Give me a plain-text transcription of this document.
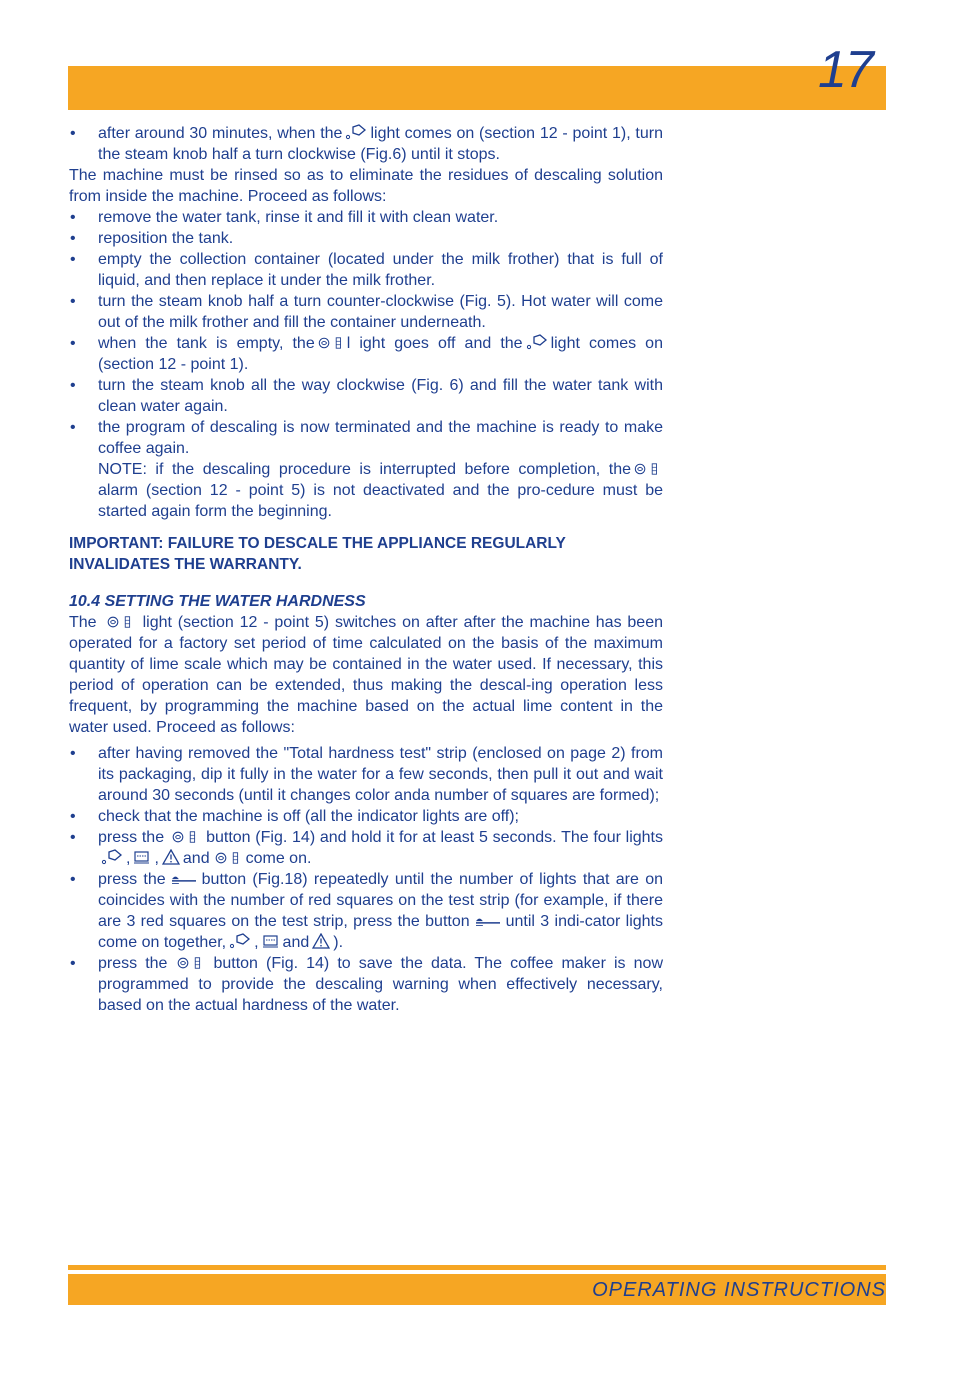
17
• after around 30 minutes, when the light comes on (section 12 - point 1), turn the steam knob half a turn clockwise (Fig.6) until it stops.

The machine must be rinsed so as to eliminate the residues of descaling solution from inside the machine. Proceed as follows:

• remove the water tank, rinse it and fill it with clean water.
• reposition the tank.
• empty the collection container (located under the milk frother) that is full of liquid, and then replace it under the milk frother.
• turn the steam knob half a turn counter-clockwise (Fig. 5). Hot water will come out of the milk frother and fill the container underneath.
• when the tank is empty, the l ight goes off and the light comes on (section 12 - point 1).
• turn the steam knob all the way clockwise (Fig. 6) and fill the water tank with clean water again.
• the program of descaling is now terminated and the machine is ready to make coffee again.
NOTE: if the descaling procedure is interrupted before completion, the
alarm (section 12 - point 5) is not deactivated and the pro-cedure must be started again form the beginning.
IMPORTANT: FAILURE TO DESCALE THE APPLIANCE REGULARLY INVALIDATES THE WARRANTY.
10.4 SETTING THE WATER HARDNESS

The	light (section 12 - point 5) switches on after after the machine has been operated for a factory set period of time calculated on the basis of the maximum quantity of lime scale which may be contained in the water used. If necessary, this period of operation can be extended, thus making the descal-ing operation less frequent, by programming the machine based on the actual lime content in the water used. Proceed as follows:

• after having removed the "Total hardness test" strip (enclosed on page 2) from its packaging, dip it fully in the water for a few seconds, then pull it out and wait around 30 seconds (until it changes color anda number of squares are formed);
• check that the machine is off (all the indicator lights are off);
• press the	button (Fig. 14) and hold it for at least 5 seconds. The four lights
, , and come on.
• press the button (Fig.18) repeatedly until the number of lights that are on coincides with the number of red squares on the test strip (for example, if there are 3 red squares on the test strip, press the button until 3 indi-cator lights come on together, , and ).
• press the	button (Fig. 14) to save the data. The coffee maker is now programmed to provide the descaling warning when effectively necessary, based on the actual hardness of the water.
OPERATING INSTRUCTIONS
